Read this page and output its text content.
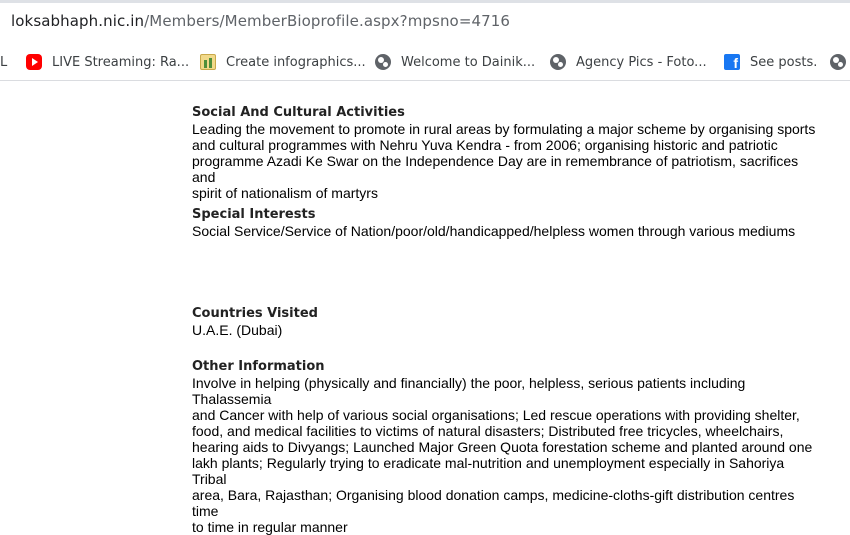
loksabhaph.nic.in/Members/MemberBioprofile.aspx?mpsno=4716
L	LIVE Streaming: Ra...	Create infographics...	Welcome to Dainik...	Agency Pics - Foto...	f See posts.
Social And Cultural Activities

Leading the movement to promote in rural areas by formulating a major scheme by organising sports
and cultural programmes with Nehru Yuva Kendra - from 2006; organising historic and patriotic
programme Azadi Ke Swar on the Independence Day are in remembrance of patriotism, sacrifices and
spirit of nationalism of martyrs

Special Interests

Social Service/Service of Nation/poor/old/handicapped/helpless women through various mediums

Countries Visited

U.A.E. (Dubai)

Other Information

Involve in helping (physically and financially) the poor, helpless, serious patients including Thalassemia
and Cancer with help of various social organisations; Led rescue operations with providing shelter,
food, and medical facilities to victims of natural disasters; Distributed free tricycles, wheelchairs,
hearing aids to Divyangs; Launched Major Green Quota forestation scheme and planted around one
lakh plants; Regularly trying to eradicate mal-nutrition and unemployment especially in Sahoriya Tribal
area, Bara, Rajasthan; Organising blood donation camps, medicine-cloths-gift distribution centres time
to time in regular manner
